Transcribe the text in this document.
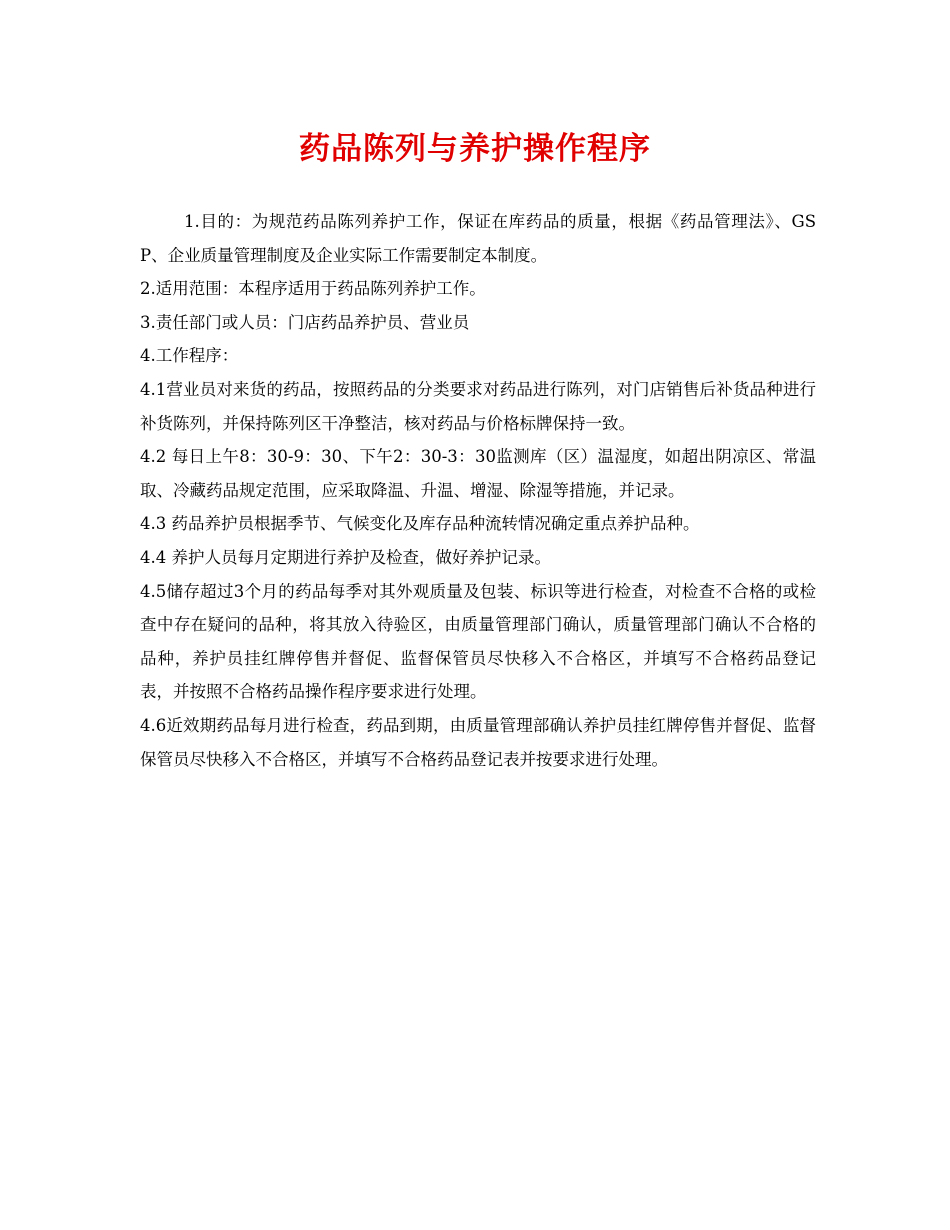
药品陈列与养护操作程序

1.目的：为规范药品陈列养护工作，保证在库药品的质量，根据《药品管理法》、GSP、企业质量管理制度及企业实际工作需要制定本制度。

2.适用范围：本程序适用于药品陈列养护工作。

3.责任部门或人员：门店药品养护员、营业员

4.工作程序：

4.1营业员对来货的药品，按照药品的分类要求对药品进行陈列，对门店销售后补货品种进行补货陈列，并保持陈列区干净整洁，核对药品与价格标牌保持一致。

4.2 每日上午8：30-9：30、下午2：30-3：30监测库（区）温湿度，如超出阴凉区、常温取、冷藏药品规定范围，应采取降温、升温、增湿、除湿等措施，并记录。

4.3 药品养护员根据季节、气候变化及库存品种流转情况确定重点养护品种。

4.4 养护人员每月定期进行养护及检查，做好养护记录。

4.5储存超过3个月的药品每季对其外观质量及包装、标识等进行检查，对检查不合格的或检查中存在疑问的品种，将其放入待验区，由质量管理部门确认，质量管理部门确认不合格的品种，养护员挂红牌停售并督促、监督保管员尽快移入不合格区，并填写不合格药品登记表，并按照不合格药品操作程序要求进行处理。

4.6近效期药品每月进行检查，药品到期，由质量管理部确认养护员挂红牌停售并督促、监督保管员尽快移入不合格区，并填写不合格药品登记表并按要求进行处理。
